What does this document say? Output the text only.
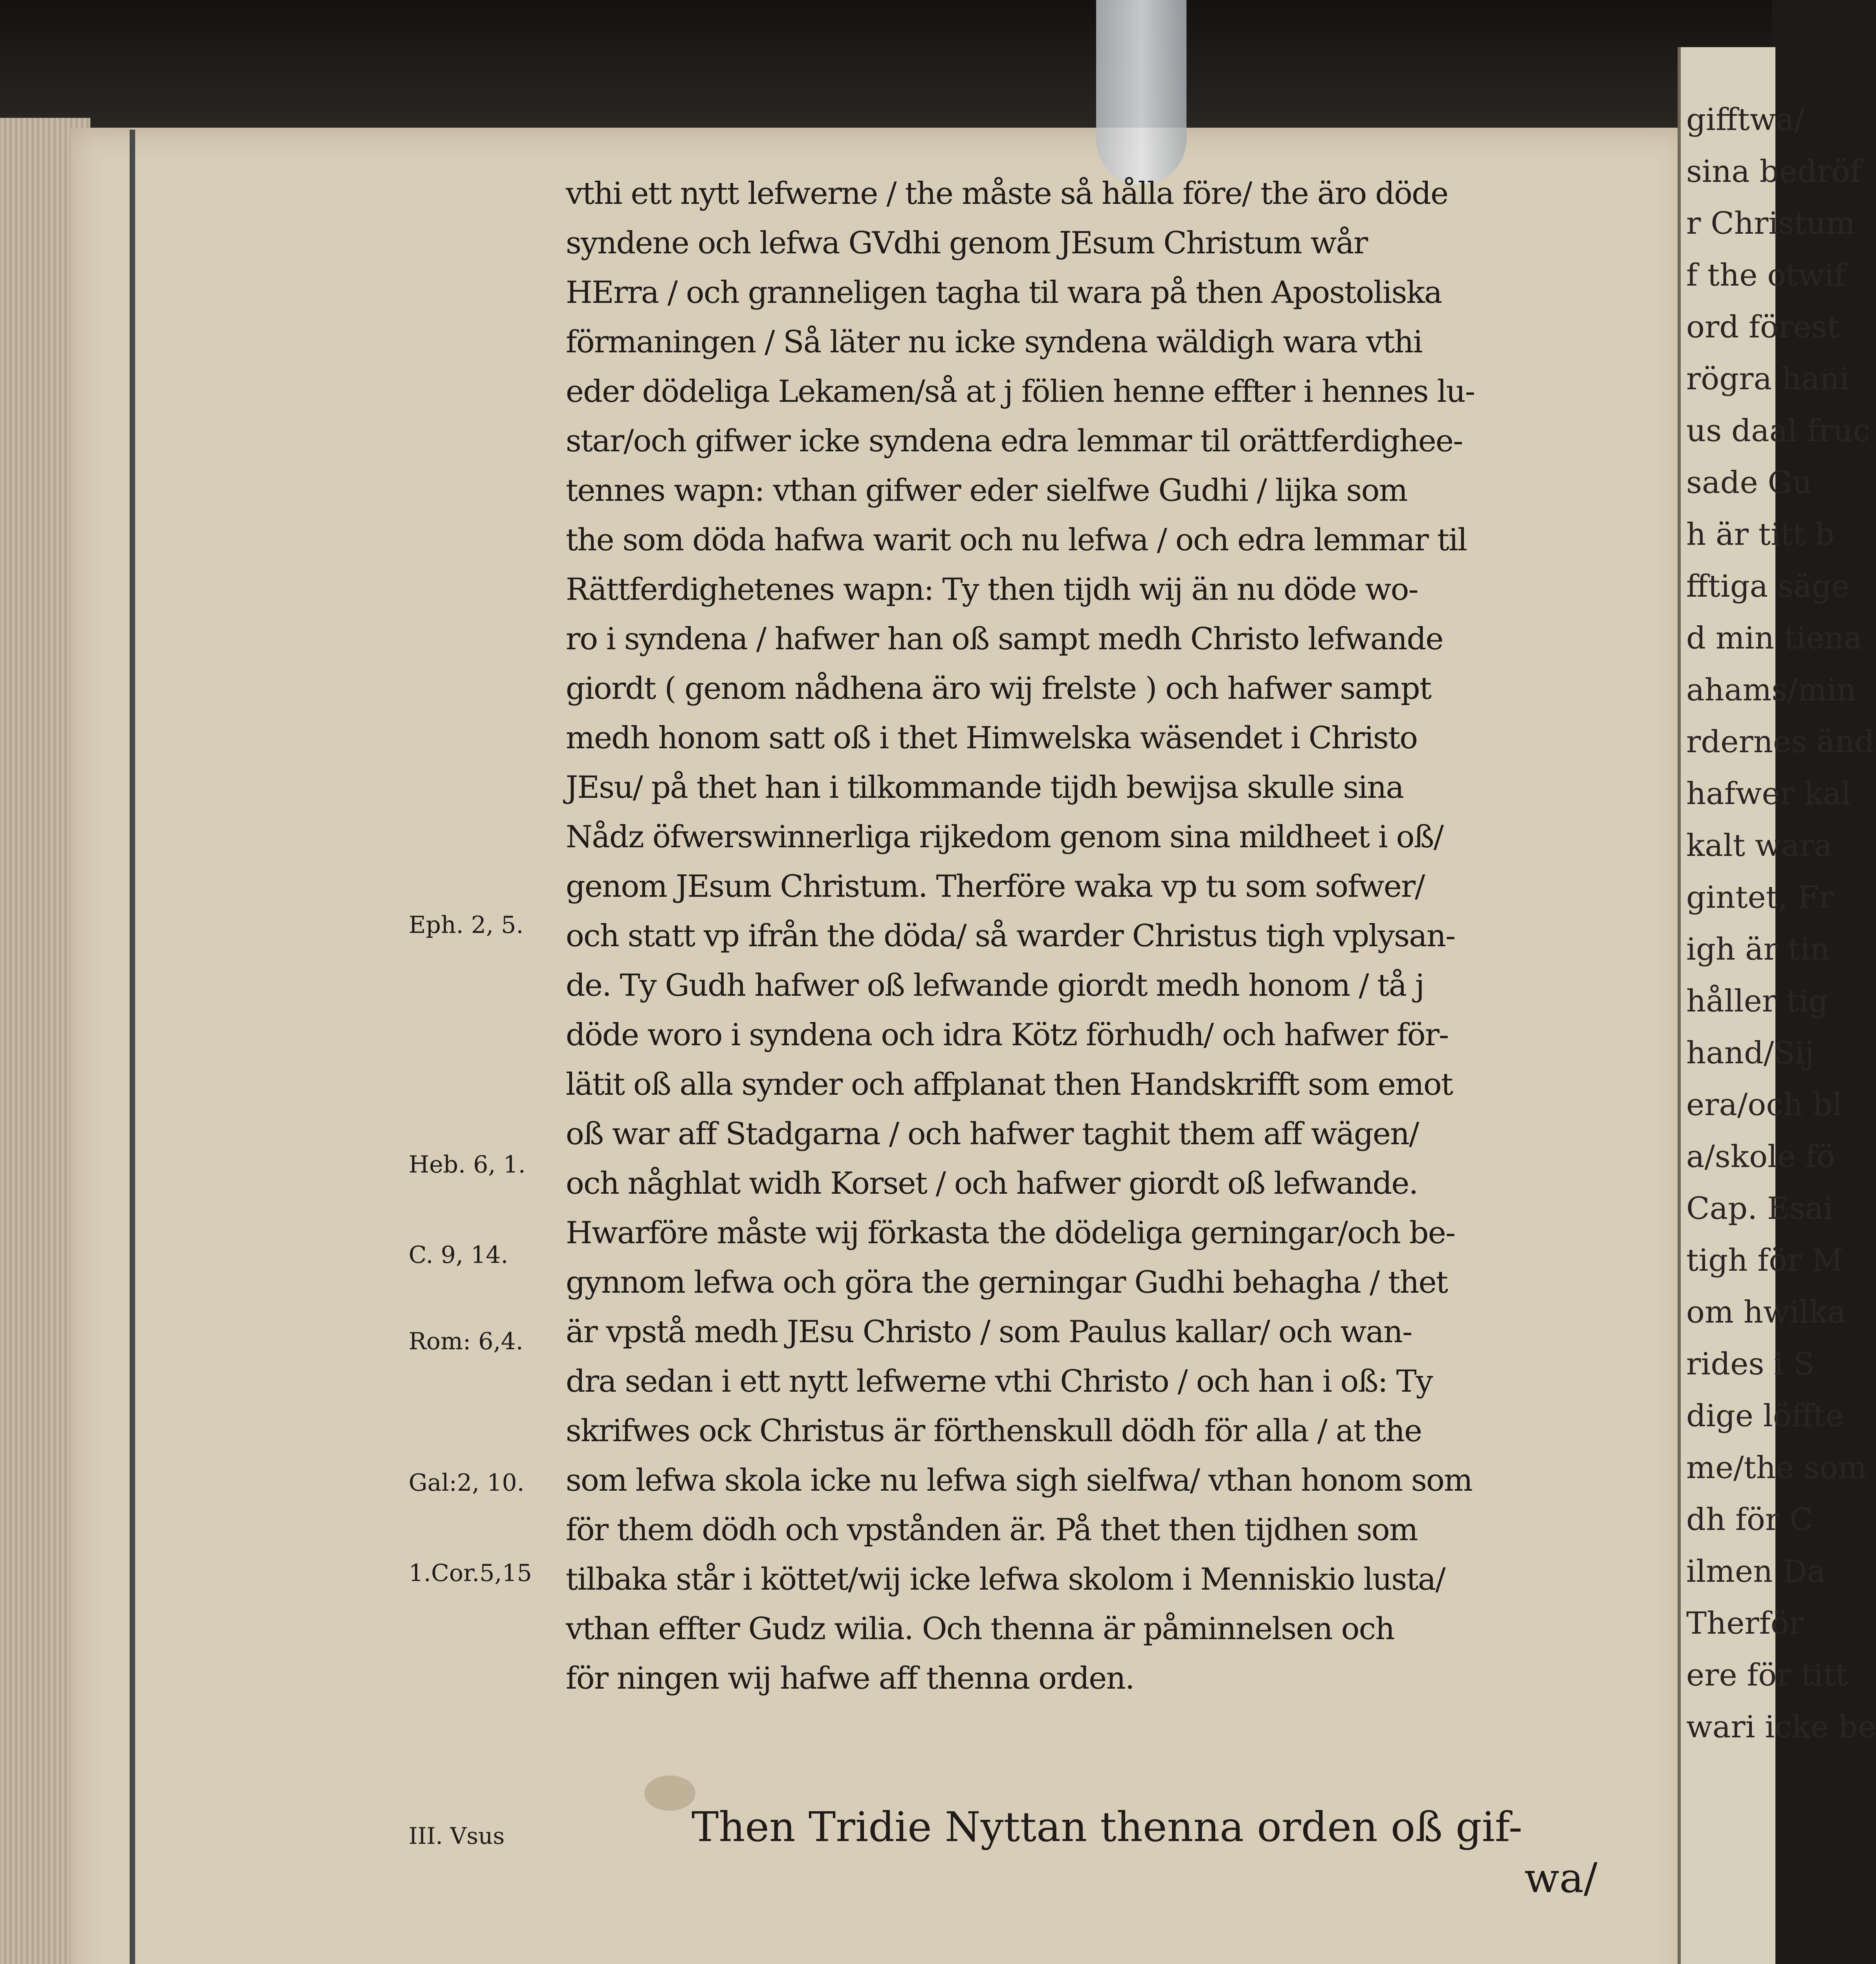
vthi ett nytt lefwerne / the måste så hålla före/ the äro döde
syndene och lefwa GVdhi genom JEsum Christum wår
HErra / och granneligen tagha til wara på then Apostoliska
förmaningen / Så läter nu icke syndena wäldigh wara vthi
eder dödeliga Lekamen/så at j fölien henne effter i hennes lu-
star/och gifwer icke syndena edra lemmar til orättferdighee-
tennes wapn: vthan gifwer eder sielfwe Gudhi / lijka som
the som döda hafwa warit och nu lefwa / och edra lemmar til
Rättferdighetenes wapn: Ty then tijdh wij än nu döde wo-
ro i syndena / hafwer han oß sampt medh Christo lefwande
giordt ( genom nådhena äro wij frelste ) och hafwer sampt
medh honom satt oß i thet Himwelska wäsendet i Christo
JEsu/ på thet han i tilkommande tijdh bewijsa skulle sina
Nådz öfwerswinnerliga rijkedom genom sina mildheet i oß/
genom JEsum Christum. Therföre waka vp tu som sofwer/
och statt vp ifrån the döda/ så warder Christus tigh vplysan-
de. Ty Gudh hafwer oß lefwande giordt medh honom / tå j
döde woro i syndena och idra Kötz förhudh/ och hafwer för-
lätit oß alla synder och affplanat then Handskrifft som emot
oß war aff Stadgarna / och hafwer taghit them aff wägen/
och någhlat widh Korset / och hafwer giordt oß lefwande.
Hwarföre måste wij förkasta the dödeliga gerningar/och be-
gynnom lefwa och göra the gerningar Gudhi behagha / thet
är vpstå medh JEsu Christo / som Paulus kallar/ och wan-
dra sedan i ett nytt lefwerne vthi Christo / och han i oß: Ty
skrifwes ock Christus är förthenskull dödh för alla / at the
som lefwa skola icke nu lefwa sigh sielfwa/ vthan honom som
för them dödh och vpstånden är. På thet then tijdhen som
tilbaka står i köttet/wij icke lefwa skolom i Menniskio lusta/
vthan effter Gudz wilia. Och thenna är påminnelsen och
för ningen wij hafwe aff thenna orden.
Eph. 2, 5.
Heb. 6, 1.
C. 9, 14.
Rom: 6,4.
Gal:2, 10.
1.Cor.5,15
III. Vsus	Then Tridie Nyttan thenna orden oß gif-
wa/
gifftwa/
sina bedröf
r Christum
f the otwif
ord förest
rögra hani
us daal fruc
sade Gu
h är titt b
fftiga säge
d min tiena
ahams/min
rdernes änd
hafwer kal
kalt wara
gintet, Fr
igh är tin
håller tig
hand/Sij
era/och bl
a/skole fö
Cap. Esai
tigh för M
om hwilka
rides i S
dige löffte
me/the som
dh för C
ilmen Da
Therför
ere för titt
wari icke be
